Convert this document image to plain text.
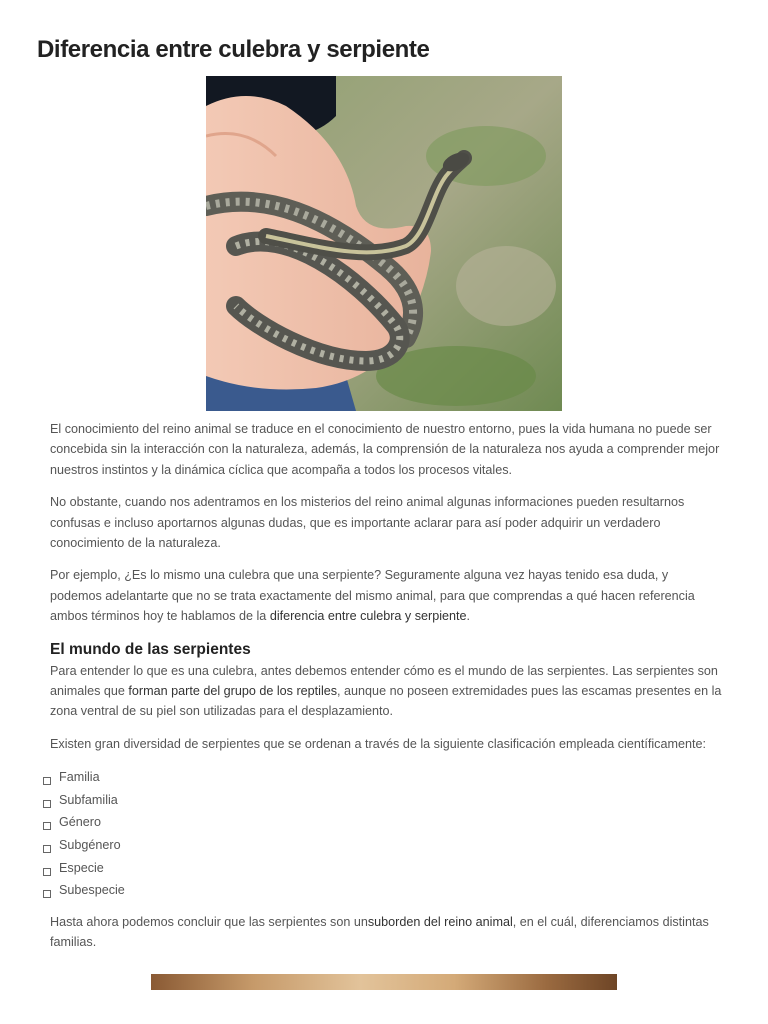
Diferencia entre culebra y serpiente

El conocimiento del reino animal se traduce en el conocimiento de nuestro entorno, pues la vida humana no puede ser concebida sin la interacción con la naturaleza, además, la comprensión de la naturaleza nos ayuda a comprender mejor nuestros instintos y la dinámica cíclica que acompaña a todos los procesos vitales.

No obstante, cuando nos adentramos en los misterios del reino animal algunas informaciones pueden resultarnos confusas e incluso aportarnos algunas dudas, que es importante aclarar para así poder adquirir un verdadero conocimiento de la naturaleza.

Por ejemplo, ¿Es lo mismo una culebra que una serpiente? Seguramente alguna vez hayas tenido esa duda, y podemos adelantarte que no se trata exactamente del mismo animal, para que comprendas a qué hacen referencia ambos términos hoy te hablamos de la diferencia entre culebra y serpiente.

El mundo de las serpientes

Para entender lo que es una culebra, antes debemos entender cómo es el mundo de las serpientes. Las serpientes son animales que forman parte del grupo de los reptiles, aunque no poseen extremidades pues las escamas presentes en la zona ventral de su piel son utilizadas para el desplazamiento.

Existen gran diversidad de serpientes que se ordenan a través de la siguiente clasificación empleada científicamente:

Familia
Subfamilia
Género
Subgénero
Especie
Subespecie

Hasta ahora podemos concluir que las serpientes son unsuborden del reino animal, en el cuál, diferenciamos distintas familias.
